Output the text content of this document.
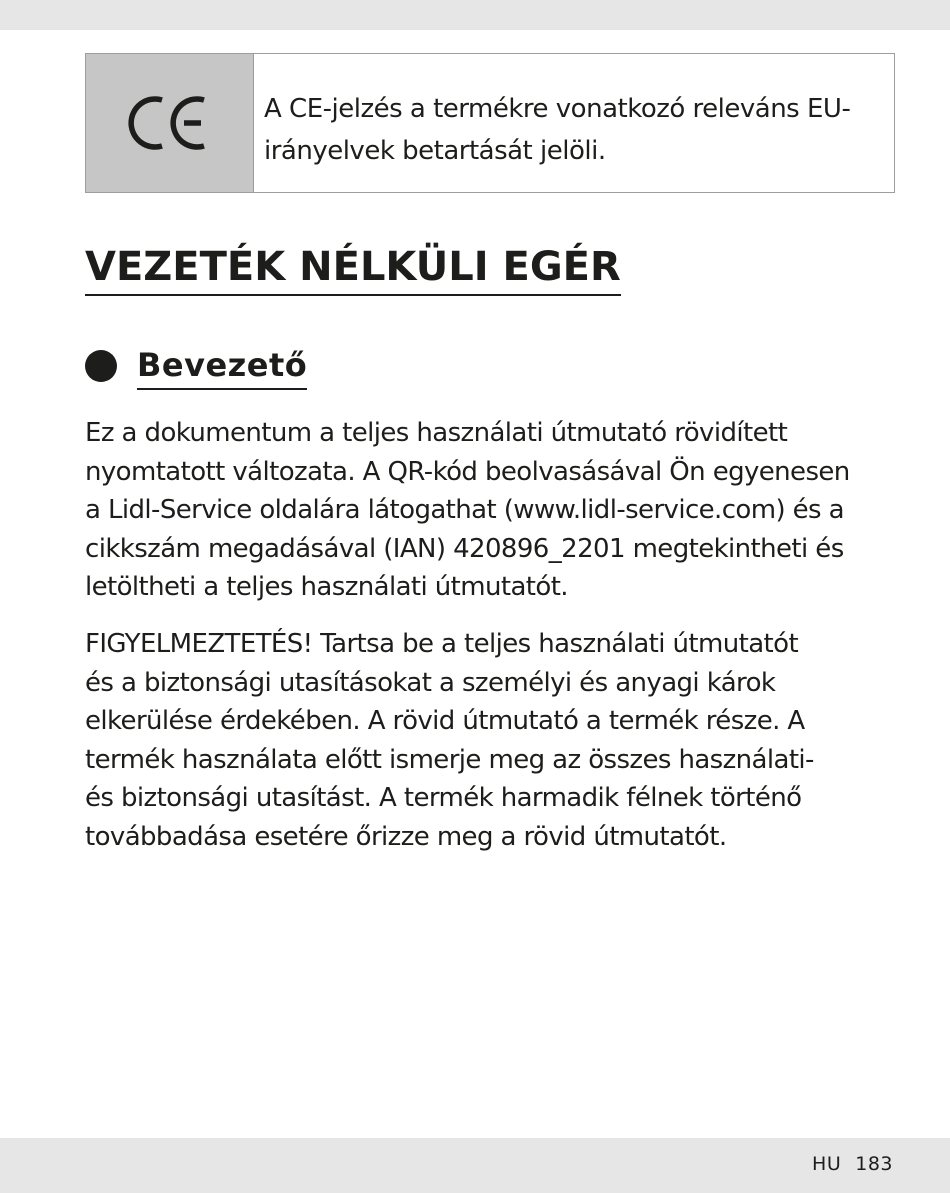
A CE-jelzés a termékre vonatkozó releváns EU-
irányelvek betartását jelöli.
VEZETÉK NÉLKÜLI EGÉR
Bevezető

Ez a dokumentum a teljes használati útmutató rövidített
nyomtatott változata. A QR-kód beolvasásával Ön egyenesen
a Lidl-Service oldalára látogathat (www.lidl-service.com) és a
cikkszám megadásával (IAN) 420896_2201 megtekintheti és
letöltheti a teljes használati útmutatót.

FIGYELMEZTETÉS! Tartsa be a teljes használati útmutatót
és a biztonsági utasításokat a személyi és anyagi károk
elkerülése érdekében. A rövid útmutató a termék része. A
termék használata előtt ismerje meg az összes használati-
és biztonsági utasítást. A termék harmadik félnek történő
továbbadása esetére őrizze meg a rövid útmutatót.

HU 183
